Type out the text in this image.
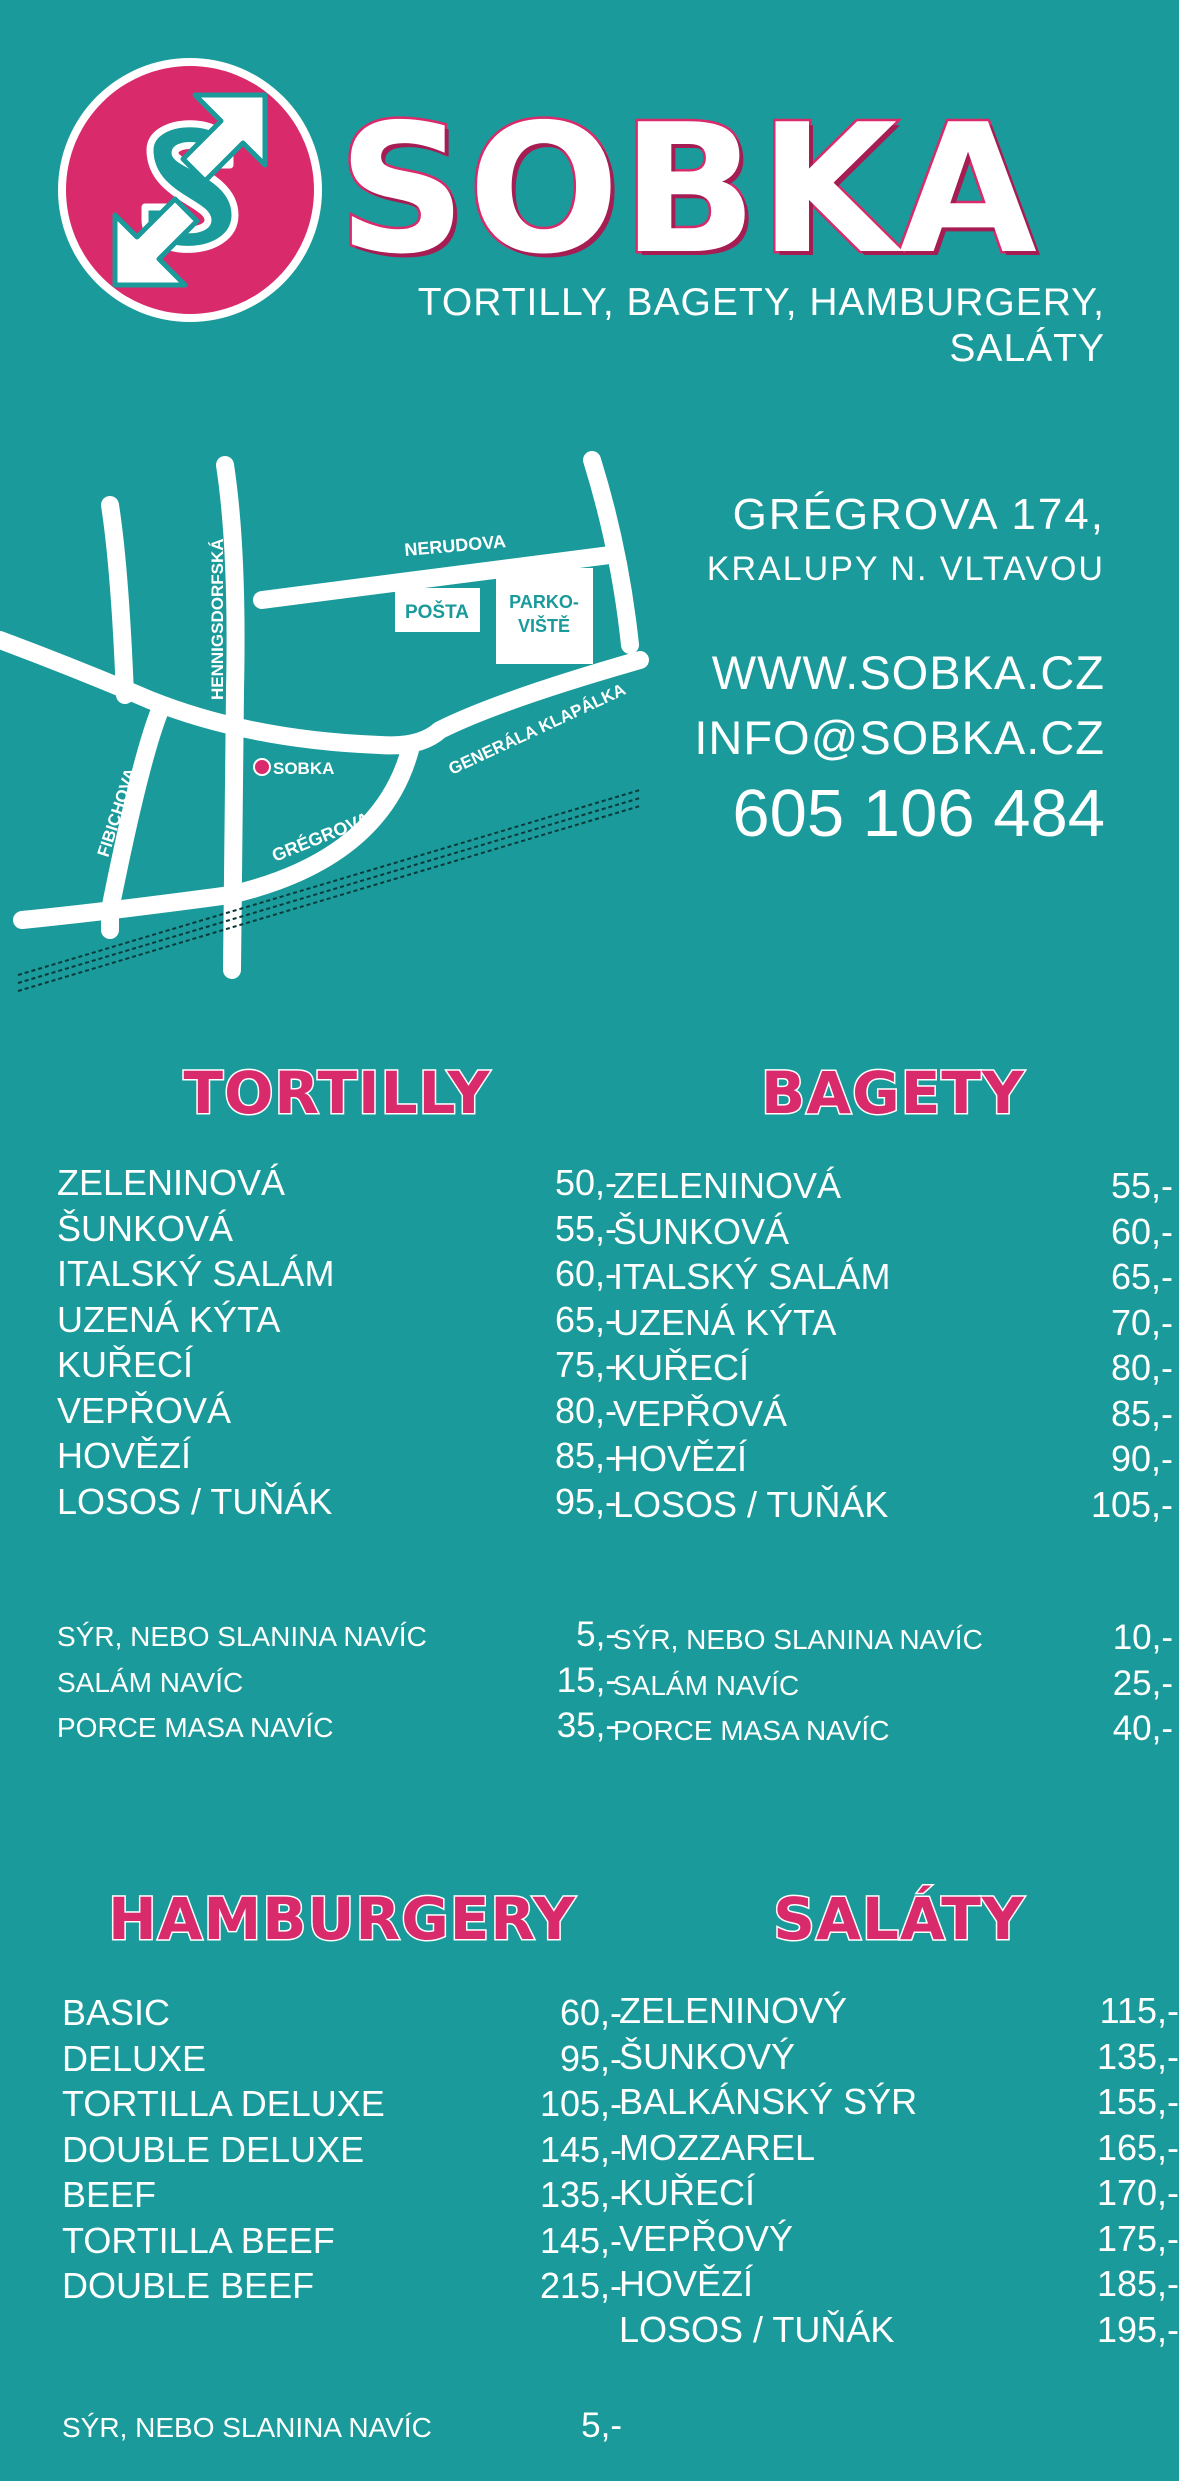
SOBKA
TORTILLY, BAGETY, HAMBURGERY, SALÁTY
POŠTA PARKO-
VIŠTĚ
NERUDOVA
HENNIGSDORFSKÁ
FIBICHOVA	GRÉGROVA
GENERÁLA KLAPÁLKA
SOBKA
GRÉGROVA 174,
KRALUPY N. VLTAVOU
WWW.SOBKA.CZ
INFO@SOBKA.CZ
605 106 484
TORTILLY
ZELENINOVÁ	50,-
ŠUNKOVÁ	55,-
ITALSKÝ SALÁM	60,-
UZENÁ KÝTA	65,-
KUŘECÍ	75,-
VEPŘOVÁ	80,-
HOVĚZÍ	85,-
LOSOS / TUŇÁK	95,-
SÝR, NEBO SLANINA NAVÍC	5,-
SALÁM NAVÍC	15,-
PORCE MASA NAVÍC	35,-
BAGETY
ZELENINOVÁ	55,-
ŠUNKOVÁ	60,-
ITALSKÝ SALÁM	65,-
UZENÁ KÝTA	70,-
KUŘECÍ	80,-
VEPŘOVÁ	85,-
HOVĚZÍ	90,-
LOSOS / TUŇÁK	105,-
SÝR, NEBO SLANINA NAVÍC	10,-
SALÁM NAVÍC	25,-
PORCE MASA NAVÍC	40,-
HAMBURGERY
BASIC	60,-
DELUXE	95,-
TORTILLA DELUXE	105,-
DOUBLE DELUXE	145,-
BEEF	135,-
TORTILLA BEEF	145,-
DOUBLE BEEF	215,-
SÝR, NEBO SLANINA NAVÍC	5,-
SALÁTY
ZELENINOVÝ	115,-
ŠUNKOVÝ	135,-
BALKÁNSKÝ SÝR	155,-
MOZZAREL	165,-
KUŘECÍ	170,-
VEPŘOVÝ	175,-
HOVĚZÍ	185,-
LOSOS / TUŇÁK	195,-
